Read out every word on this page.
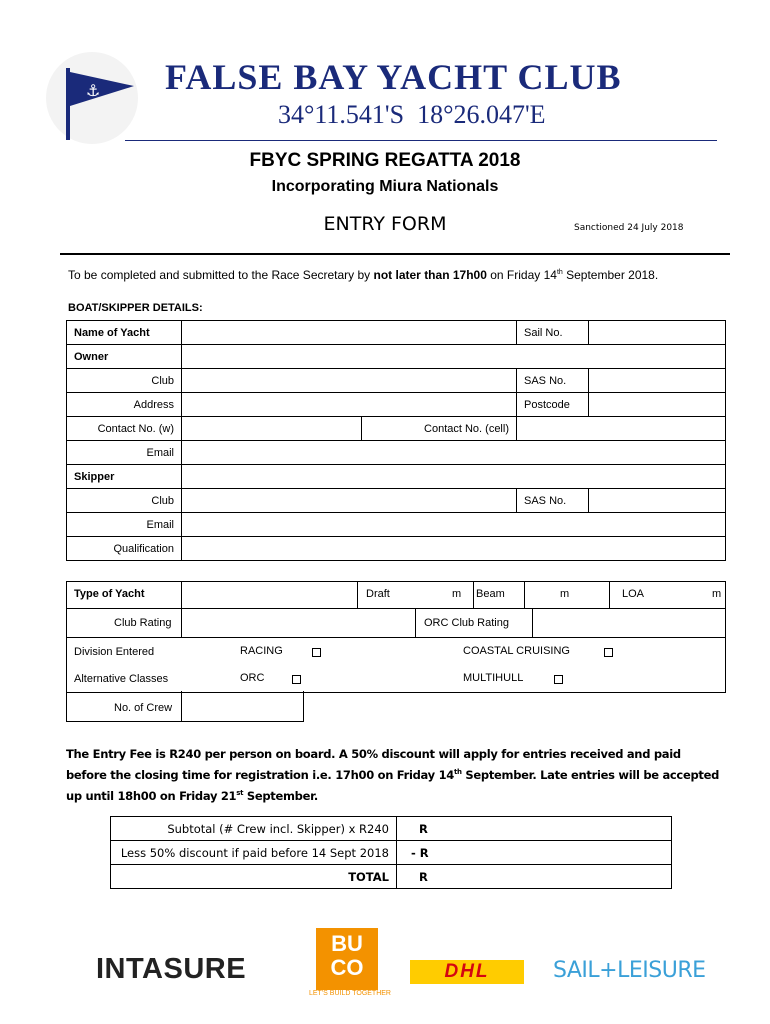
⚓ FALSE BAY YACHT CLUB
34°11.541'S  18°26.047'E
FBYC SPRING REGATTA 2018
Incorporating Miura Nationals
ENTRY FORM	Sanctioned 24 July 2018
To be completed and submitted to the Race Secretary by not later than 17h00 on Friday 14th September 2018.
BOAT/SKIPPER DETAILS:
Name of Yacht			Sail No.	
Owner				
Club			SAS No.	
Address			Postcode	
Contact No. (w)		Contact No. (cell)		
Email				
Skipper				
Club			SAS No.	
Email				
Qualification				
Type of Yacht	Draft	m Beam	m	LOA	m
Club Rating	ORC Club Rating
Division Entered	RACING	COASTAL CRUISING
Alternative Classes	ORC	MULTIHULL
No. of Crew
The Entry Fee is R240 per person on board. A 50% discount will apply for entries received and paid
before the closing time for registration i.e. 17h00 on Friday 14th September. Late entries will be accepted
up until 18h00 on Friday 21st September.
Subtotal (# Crew incl. Skipper) x R240	R
Less 50% discount if paid before 14 Sept 2018	- R
TOTAL	R
INTASURE
BU
CO
LET'S BUILD TOGETHER
DHL	SAIL+LEISURE
